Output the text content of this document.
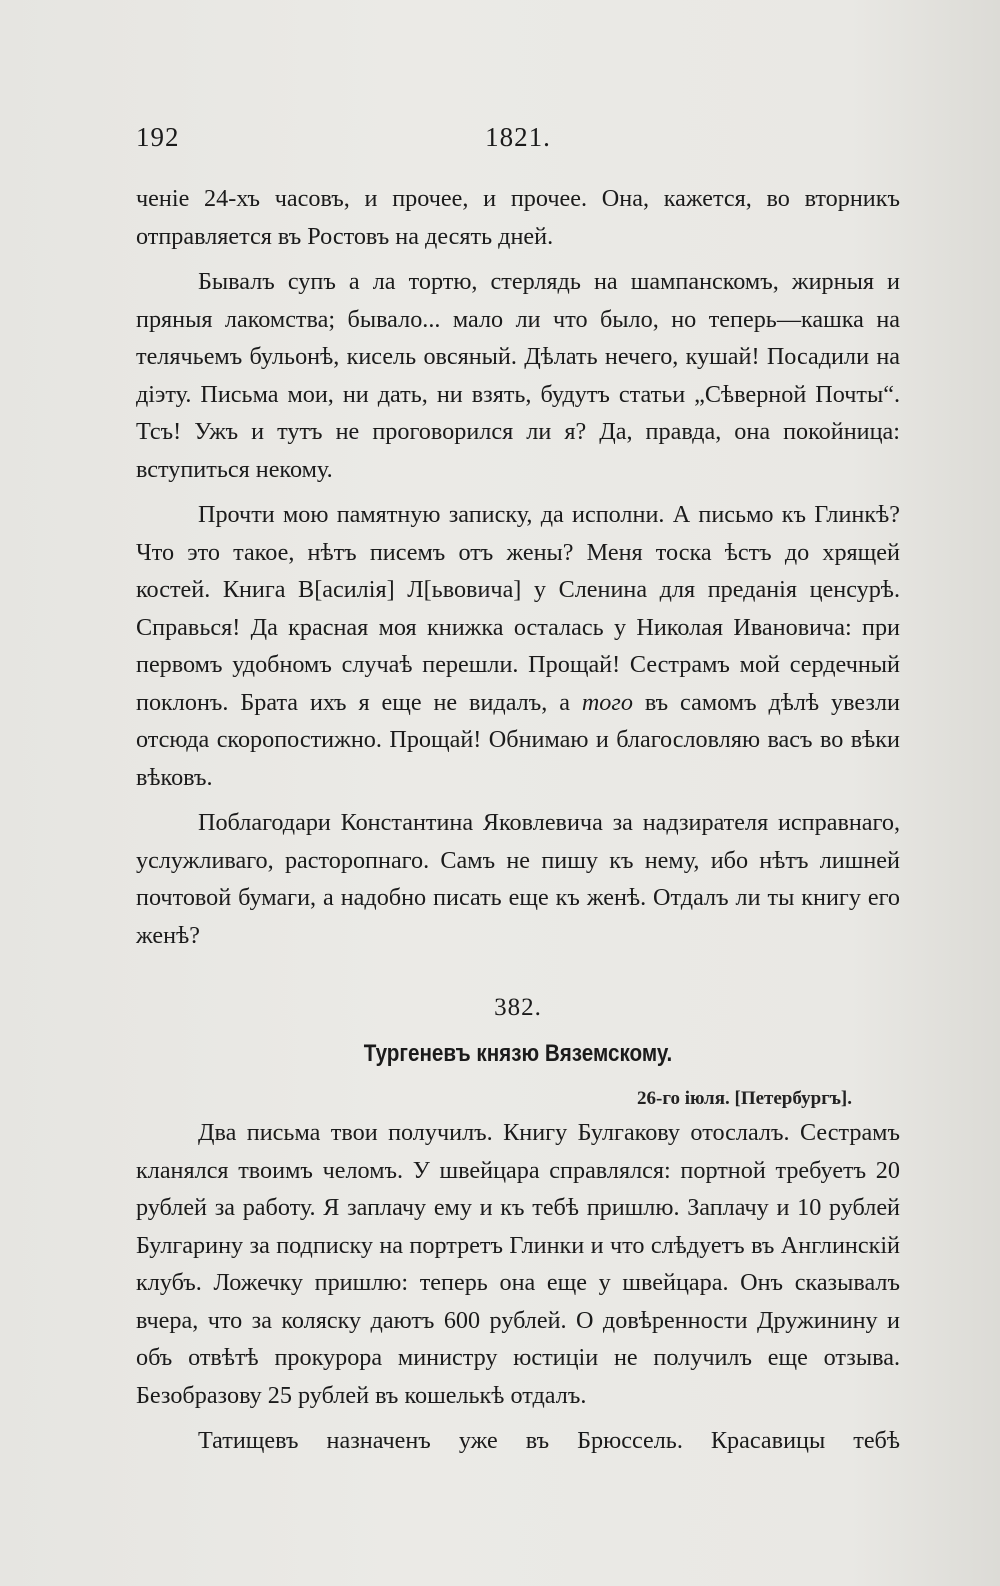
192	1821.

ченіе 24-хъ часовъ, и прочее, и прочее. Она, кажется, во вторникъ отправляется въ Ростовъ на десять дней.

Бывалъ супъ а ла тортю, стерлядь на шампанскомъ, жирныя и пряныя лакомства; бывало... мало ли что было, но теперь—кашка на телячьемъ бульонѣ, кисель овсяный. Дѣлать нечего, кушай! Посадили на діэту. Письма мои, ни дать, ни взять, будутъ статьи „Сѣверной Почты“. Тсъ! Ужъ и тутъ не проговорился ли я? Да, правда, она покойница: вступиться некому.

Прочти мою памятную записку, да исполни. А письмо къ Глинкѣ? Что это такое, нѣтъ писемъ отъ жены? Меня тоска ѣстъ до хрящей костей. Книга В[асилія] Л[ьвовича] у Сленина для преданія ценсурѣ. Справься! Да красная моя книжка осталась у Николая Ивановича: при первомъ удобномъ случаѣ перешли. Прощай! Сестрамъ мой сердечный поклонъ. Брата ихъ я еще не видалъ, а того въ самомъ дѣлѣ увезли отсюда скоропостижно. Прощай! Обнимаю и благословляю васъ во вѣки вѣковъ.

Поблагодари Константина Яковлевича за надзирателя исправнаго, услужливаго, расторопнаго. Самъ не пишу къ нему, ибо нѣтъ лишней почтовой бумаги, а надобно писать еще къ женѣ. Отдалъ ли ты книгу его женѣ?

382.
Тургеневъ князю Вяземскому.
26-го іюля. [Петербургъ].

Два письма твои получилъ. Книгу Булгакову отослалъ. Сестрамъ кланялся твоимъ челомъ. У швейцара справлялся: портной требуетъ 20 рублей за работу. Я заплачу ему и къ тебѣ пришлю. Заплачу и 10 рублей Булгарину за подписку на портретъ Глинки и что слѣдуетъ въ Англинскій клубъ. Ложечку пришлю: теперь она еще у швейцара. Онъ сказывалъ вчера, что за коляску даютъ 600 рублей. О довѣренности Дружинину и объ отвѣтѣ прокурора министру юстиціи не получилъ еще отзыва. Безобразову 25 рублей въ кошелькѣ отдалъ.

Татищевъ назначенъ уже въ Брюссель. Красавицы тебѣ
